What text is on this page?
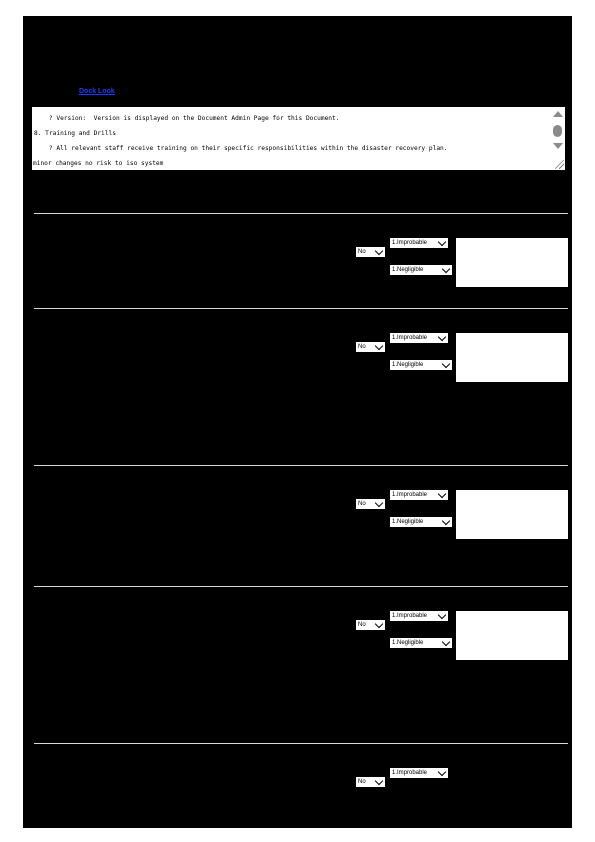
Dock Look
? Version:  Version is displayed on the Document Admin Page for this Document.
8. Training and Drills
? All relevant staff receive training on their specific responsibilities within the disaster recovery plan.
minor changes no risk to iso system
No
1.Improbable
1.Negligible
No
1.Improbable
1.Negligible
No
1.Improbable
1.Negligible
No
1.Improbable
1.Negligible
No
1.Improbable
